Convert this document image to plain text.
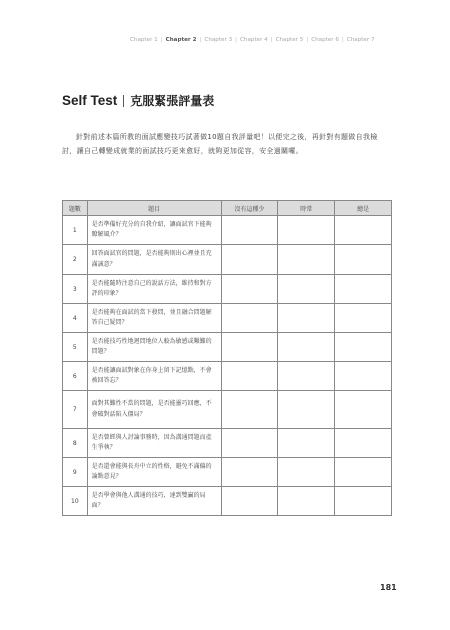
Chapter 1 | Chapter 2 | Chapter 3 | Chapter 4 | Chapter 5 | Chapter 6 | Chapter 7
Self Test 克服緊張評量表
針對前述本篇所教的面試應變技巧試著做10題自我評量吧！以便完之後，再針對有題做自我檢討，讓自己轉變成就業的面試技巧更來愈好，就夠更加從容，安全過關囉。
題數	題目	沒有這種少	時常	總是
1	是否準備好充分的自我介紹，讓面試官下能夠瞭解風介？			
2	回答面試官的問題，是否能夠則出心裡並且充滿誠意？			
3	是否能隨時注意自己的說話方法，維持和對方評的印象？			
4	是否能夠在面試的當下發問，並且融合問題解答自己疑問？			
5	是否能技巧性地迴問地位人較為敏感或艱難的問題？			
6	是否能讓面試對象在你身上留下記憶點，不會被回答忘？			
7	面對其難性不當的問題，是否能靈巧回應，不會破對話陷入僵局？			
8	是否曾經與人討論事務時，因為溝通問題而產生爭執？			
9	是否還會能與長舟中立的性格，避免不滿偏的論點意見？			
10	是否學會與他人溝通的技巧，達到雙贏的局面？			
181
